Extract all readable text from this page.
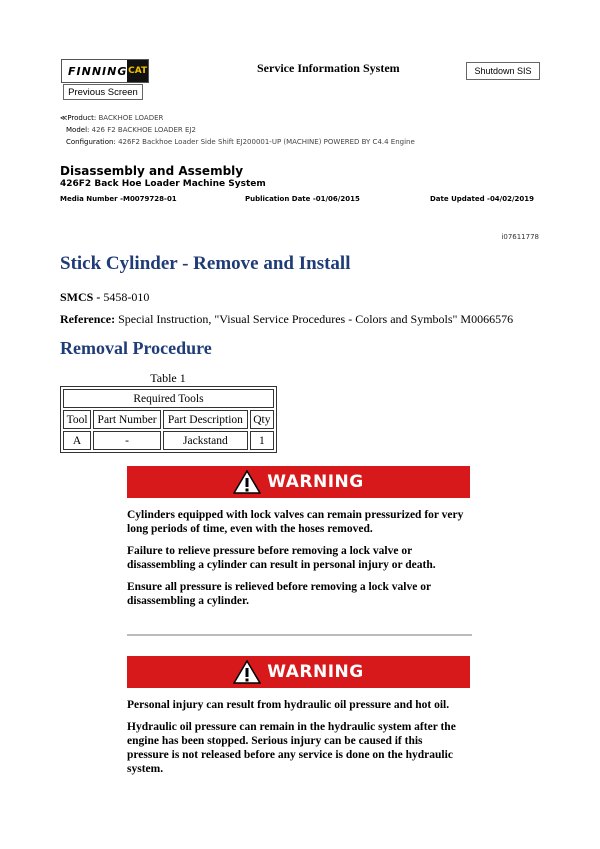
FINNING CAT
Previous Screen
Service Information System	Shutdown SIS
≪Product: BACKHOE LOADER
Model: 426 F2 BACKHOE LOADER EJ2
Configuration: 426F2 Backhoe Loader Side Shift EJ200001-UP (MACHINE) POWERED BY C4.4 Engine
Disassembly and Assembly
426F2 Back Hoe Loader Machine System
Media Number -M0079728-01	Publication Date -01/06/2015	Date Updated -04/02/2019
i07611778
Stick Cylinder - Remove and Install
SMCS - 5458-010
Reference: Special Instruction, "Visual Service Procedures - Colors and Symbols" M0066576
Removal Procedure
Table 1
Required Tools			
Tool	Part Number	Part Description	Qty
A	-	Jackstand	1
WARNING

Cylinders equipped with lock valves can remain pressurized for very long periods of time, even with the hoses removed.

Failure to relieve pressure before removing a lock valve or disassembling a cylinder can result in personal injury or death.

Ensure all pressure is relieved before removing a lock valve or disassembling a cylinder.

WARNING

Personal injury can result from hydraulic oil pressure and hot oil.

Hydraulic oil pressure can remain in the hydraulic system after the engine has been stopped. Serious injury can be caused if this pressure is not released before any service is done on the hydraulic system.
